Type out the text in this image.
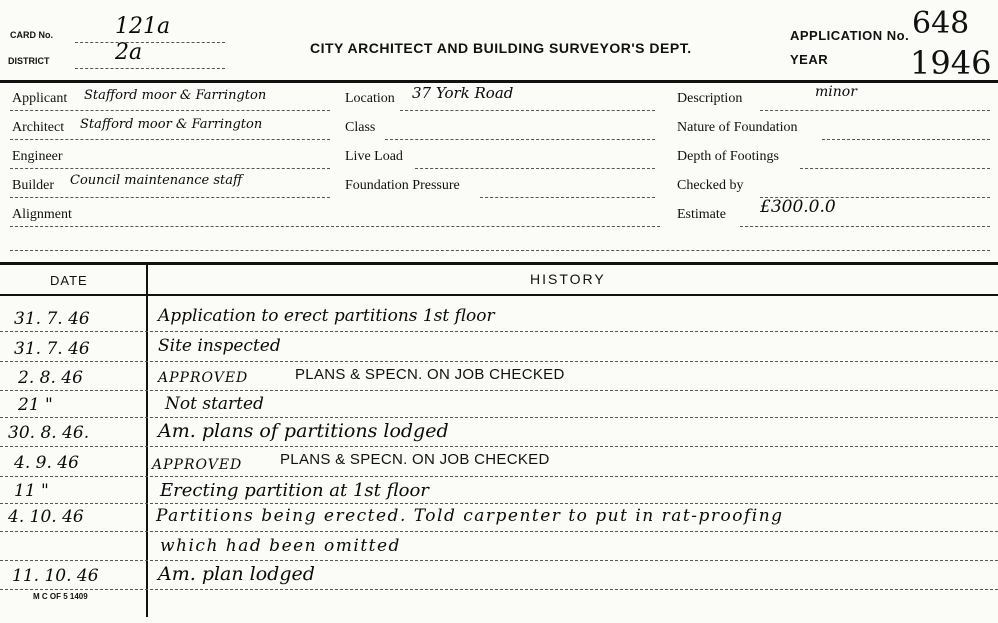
CARD No.	121a
DISTRICT	2a	CITY ARCHITECT AND BUILDING SURVEYOR'S DEPT.
APPLICATION No. 648
YEAR	1946
Applicant Stafford moor & Farrington
Architect Stafford moor & Farrington
Engineer
Builder Council maintenance staff
Alignment
Location 37 York Road
Class
Live Load
Foundation Pressure
Description	minor
Nature of Foundation
Depth of Footings
Checked by
Estimate £300.0.0
DATE	HISTORY
31. 7. 46	Application to erect partitions 1st floor
31. 7. 46	Site inspected
2. 8. 46	APPROVED	PLANS & SPECN. ON JOB CHECKED
21 "	Not started
30. 8. 46.	Am. plans of partitions lodged
4. 9. 46	APPROVED	PLANS & SPECN. ON JOB CHECKED
11 "	Erecting partition at 1st floor
4. 10. 46	Partitions being erected. Told carpenter to put in rat-proofing
which had been omitted
11. 10. 46	Am. plan lodged
M C OF 5 1409
